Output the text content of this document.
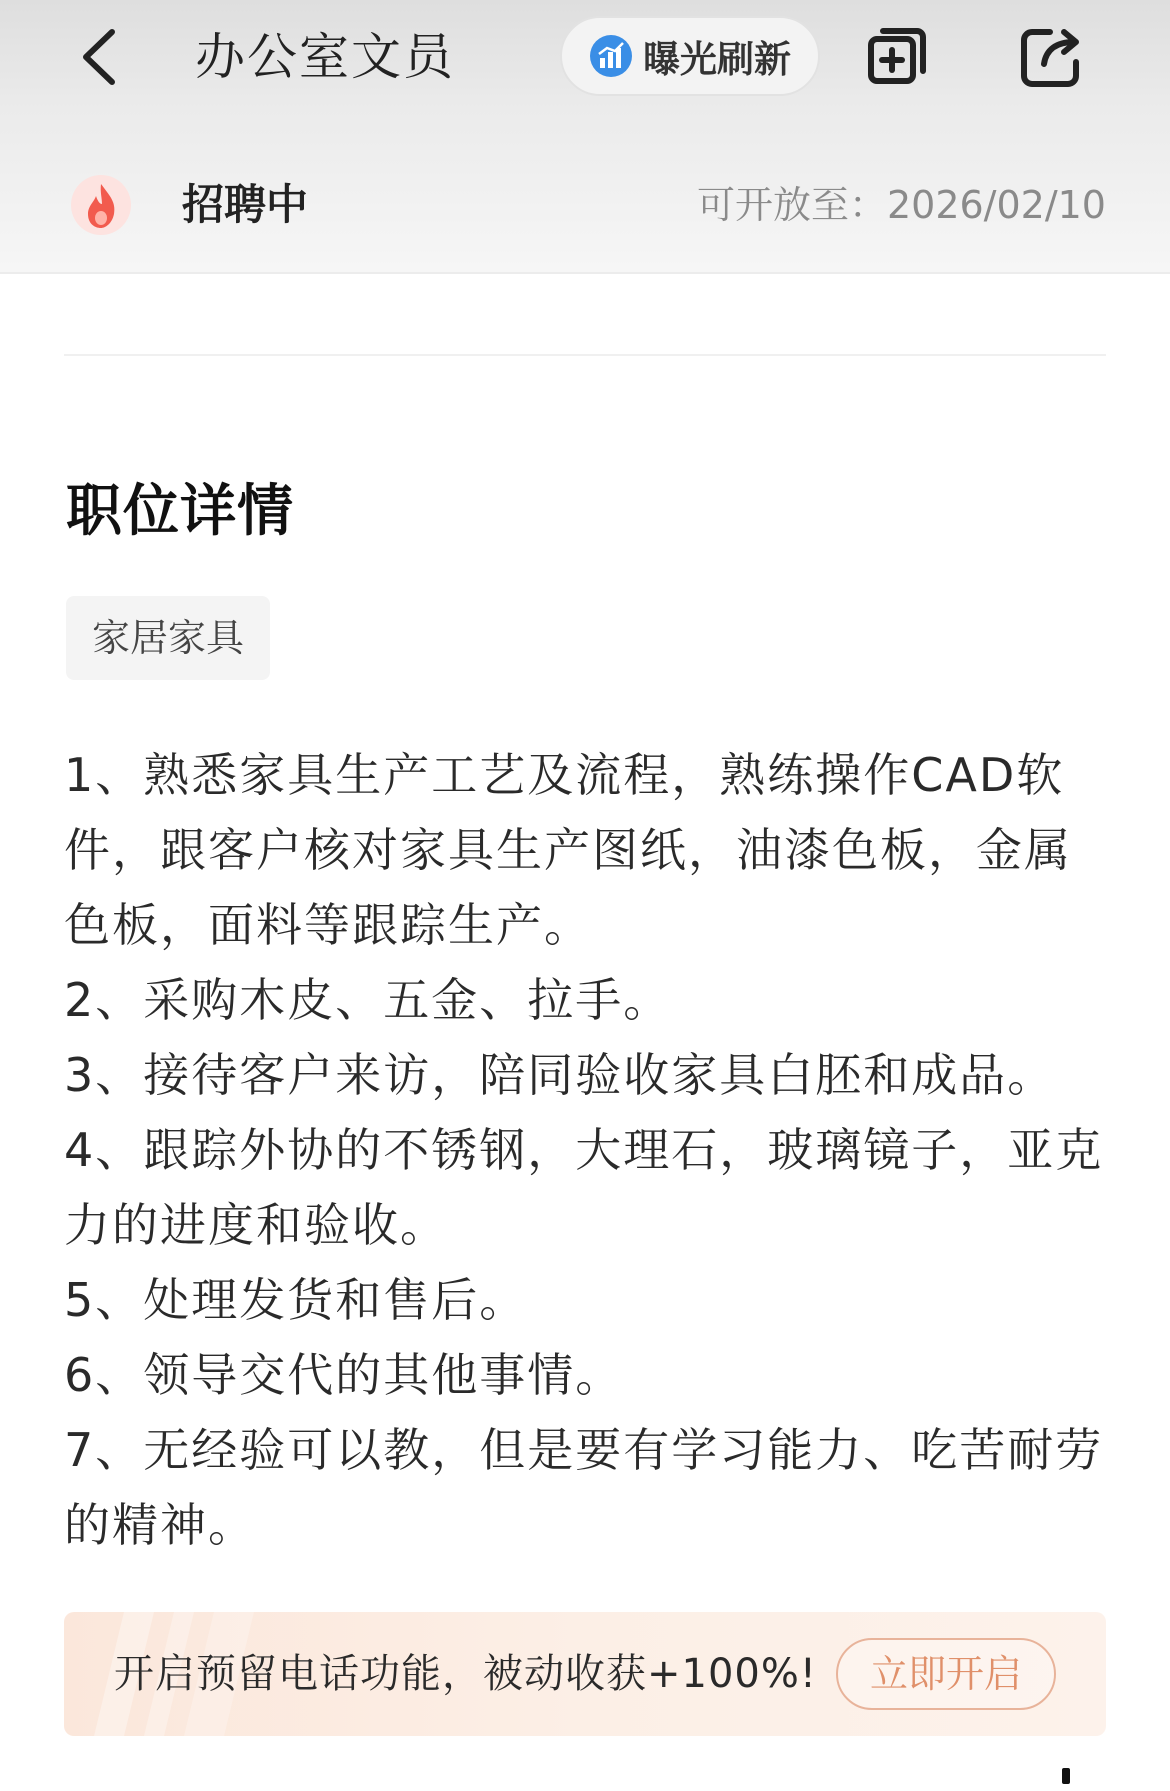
办公室文员	曝光刷新
招聘中	可开放至：2026/02/10
职位详情
家居家具

1、熟悉家具生产工艺及流程，熟练操作CAD软件，跟客户核对家具生产图纸，油漆色板，金属色板，面料等跟踪生产。

2、采购木皮、五金、拉手。

3、接待客户来访，陪同验收家具白胚和成品。

4、跟踪外协的不锈钢，大理石，玻璃镜子，亚克力的进度和验收。

5、处理发货和售后。

6、领导交代的其他事情。

7、无经验可以教，但是要有学习能力、吃苦耐劳的精神。

开启预留电话功能，被动收获+100%!	立即开启
